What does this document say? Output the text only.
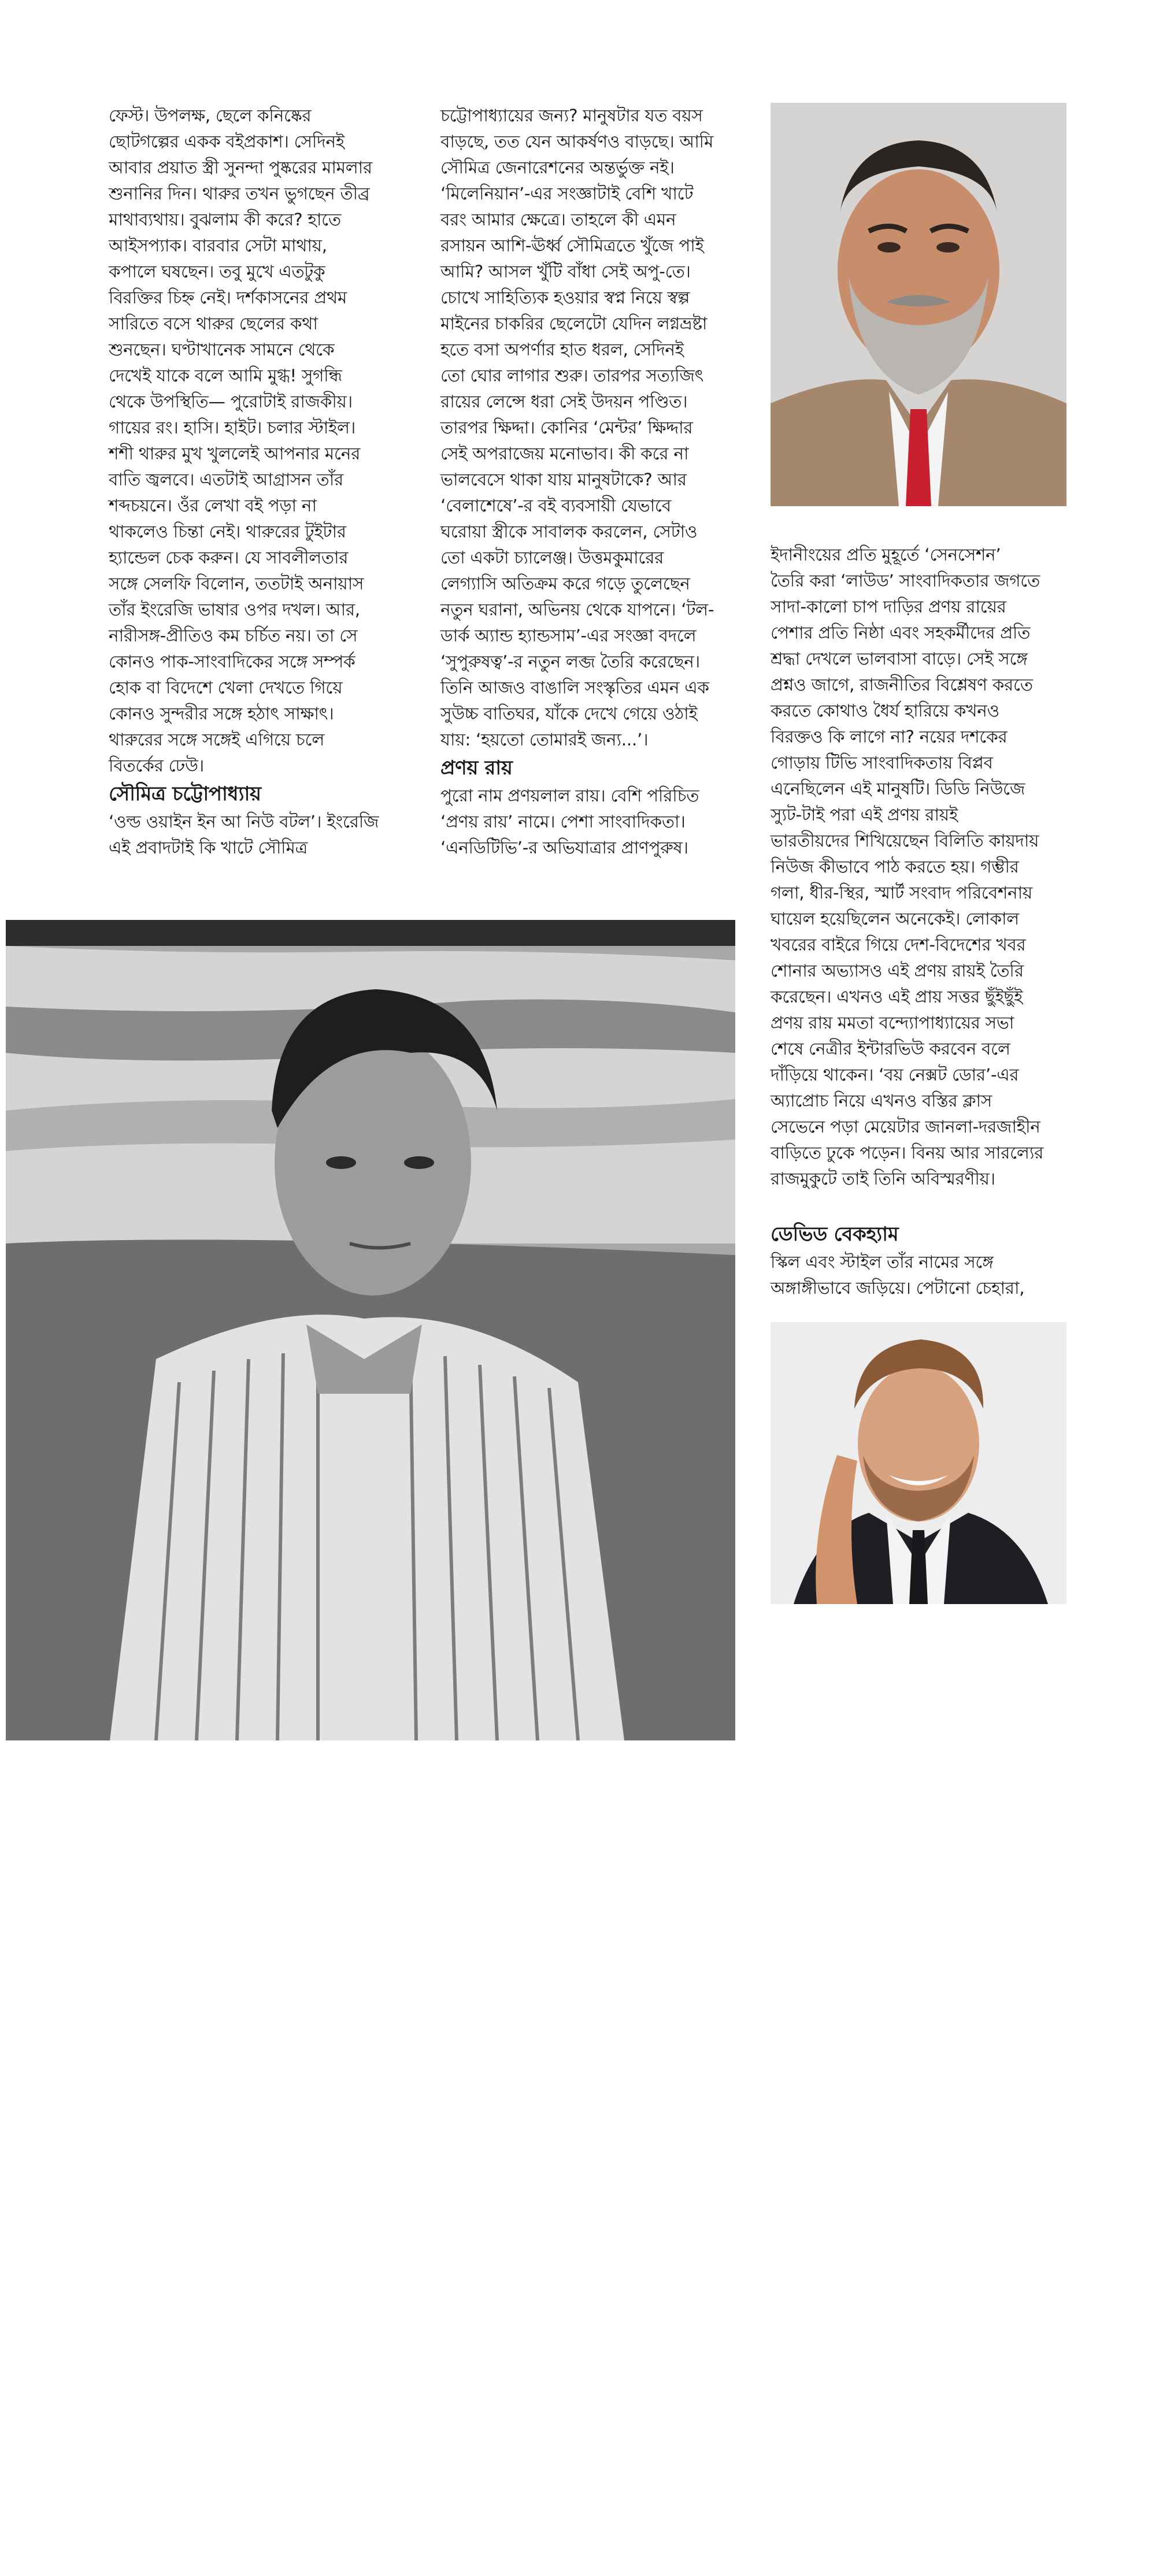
ফেস্ট। উপলক্ষ, ছেলে কনিষ্কের

ছোটগল্পের একক বইপ্রকাশ। সেদিনই

আবার প্রয়াত স্ত্রী সুনন্দা পুষ্করের মামলার

শুনানির দিন। থারুর তখন ভুগছেন তীব্র

মাথাব্যথায়। বুঝলাম কী করে? হাতে

আইসপ্যাক। বারবার সেটা মাথায়,

কপালে ঘষছেন। তবু মুখে এতটুকু

বিরক্তির চিহ্ন নেই। দর্শকাসনের প্রথম

সারিতে বসে থারুর ছেলের কথা

শুনছেন। ঘণ্টাখানেক সামনে থেকে

দেখেই যাকে বলে আমি মুগ্ধ! সুগন্ধি

থেকে উপস্থিতি— পুরোটাই রাজকীয়।

গায়ের রং। হাসি। হাইট। চলার স্টাইল।

শশী থারুর মুখ খুললেই আপনার মনের

বাতি জ্বলবে। এতটাই আগ্রাসন তাঁর

শব্দচয়নে। ওঁর লেখা বই পড়া না

থাকলেও চিন্তা নেই। থারুরের টুইটার

হ্যান্ডেল চেক করুন। যে সাবলীলতার

সঙ্গে সেলফি বিলোন, ততটাই অনায়াস

তাঁর ইংরেজি ভাষার ওপর দখল। আর,

নারীসঙ্গ-প্রীতিও কম চর্চিত নয়। তা সে

কোনও পাক-সাংবাদিকের সঙ্গে সম্পর্ক

হোক বা বিদেশে খেলা দেখতে গিয়ে

কোনও সুন্দরীর সঙ্গে হঠাৎ সাক্ষাৎ।

থারুরের সঙ্গে সঙ্গেই এগিয়ে চলে

বিতর্কের ঢেউ।

সৌমিত্র চট্টোপাধ্যায়

‘ওল্ড ওয়াইন ইন আ নিউ বটল’। ইংরেজি

এই প্রবাদটাই কি খাটে সৌমিত্র

চট্টোপাধ্যায়ের জন্য? মানুষটার যত বয়স

বাড়ছে, তত যেন আকর্ষণও বাড়ছে। আমি

সৌমিত্র জেনারেশনের অন্তর্ভুক্ত নই।

‘মিলেনিয়ান’-এর সংজ্ঞাটাই বেশি খাটে

বরং আমার ক্ষেত্রে। তাহলে কী এমন

রসায়ন আশি-ঊর্ধ্ব সৌমিত্রতে খুঁজে পাই

আমি? আসল খুঁটি বাঁধা সেই অপু-তে।

চোখে সাহিত্যিক হওয়ার স্বপ্ন নিয়ে স্বল্প

মাইনের চাকরির ছেলেটো যেদিন লগ্নভ্রষ্টা

হতে বসা অপর্ণার হাত ধরল, সেদিনই

তো ঘোর লাগার শুরু। তারপর সত্যজিৎ

রায়ের লেন্সে ধরা সেই উদয়ন পণ্ডিত।

তারপর ক্ষিদ্দা। কোনির ‘মেন্টর’ ক্ষিদ্দার

সেই অপরাজেয় মনোভাব। কী করে না

ভালবেসে থাকা যায় মানুষটাকে? আর

‘বেলাশেষে’-র বই ব্যবসায়ী যেভাবে

ঘরোয়া স্ত্রীকে সাবালক করলেন, সেটাও

তো একটা চ্যালেঞ্জ। উত্তমকুমারের

লেগ্যাসি অতিক্রম করে গড়ে তুলেছেন

নতুন ঘরানা, অভিনয় থেকে যাপনে। ‘টল-

ডার্ক অ্যান্ড হ্যান্ডসাম’-এর সংজ্ঞা বদলে

‘সুপুরুষত্ব’-র নতুন লব্জ তৈরি করেছেন।

তিনি আজও বাঙালি সংস্কৃতির এমন এক

সুউচ্চ বাতিঘর, যাঁকে দেখে গেয়ে ওঠাই

যায়: ‘হয়তো তোমারই জন্য...’।

প্রণয় রায়

পুরো নাম প্রণয়লাল রায়। বেশি পরিচিত

‘প্রণয় রায়’ নামে। পেশা সাংবাদিকতা।

‘এনডিটিভি’-র অভিযাত্রার প্রাণপুরুষ।

ইদানীংয়ের প্রতি মুহূর্তে ‘সেনসেশন’

তৈরি করা ‘লাউড’ সাংবাদিকতার জগতে

সাদা-কালো চাপ দাড়ির প্রণয় রায়ের

পেশার প্রতি নিষ্ঠা এবং সহকর্মীদের প্রতি

শ্রদ্ধা দেখলে ভালবাসা বাড়ে। সেই সঙ্গে

প্রশ্নও জাগে, রাজনীতির বিশ্লেষণ করতে

করতে কোথাও ধৈর্য হারিয়ে কখনও

বিরক্তও কি লাগে না? নয়ের দশকের

গোড়ায় টিভি সাংবাদিকতায় বিপ্লব

এনেছিলেন এই মানুষটি। ডিডি নিউজে

স্যুট-টাই পরা এই প্রণয় রায়ই

ভারতীয়দের শিখিয়েছেন বিলিতি কায়দায়

নিউজ কীভাবে পাঠ করতে হয়। গম্ভীর

গলা, ধীর-স্থির, স্মার্ট সংবাদ পরিবেশনায়

ঘায়েল হয়েছিলেন অনেকেই। লোকাল

খবরের বাইরে গিয়ে দেশ-বিদেশের খবর

শোনার অভ্যাসও এই প্রণয় রায়ই তৈরি

করেছেন। এখনও এই প্রায় সত্তর ছুঁইছুঁই

প্রণয় রায় মমতা বন্দ্যোপাধ্যায়ের সভা

শেষে নেত্রীর ইন্টারভিউ করবেন বলে

দাঁড়িয়ে থাকেন। ‘বয় নেক্সট ডোর’-এর

অ্যাপ্রোচ নিয়ে এখনও বস্তির ক্লাস

সেভেনে পড়া মেয়েটার জানলা-দরজাহীন

বাড়িতে ঢুকে পড়েন। বিনয় আর সারল্যের

রাজমুকুটে তাই তিনি অবিস্মরণীয়।

ডেভিড বেকহ্যাম

স্কিল এবং স্টাইল তাঁর নামের সঙ্গে

অঙ্গাঙ্গীভাবে জড়িয়ে। পেটানো চেহারা,

৩৪ রোববার
